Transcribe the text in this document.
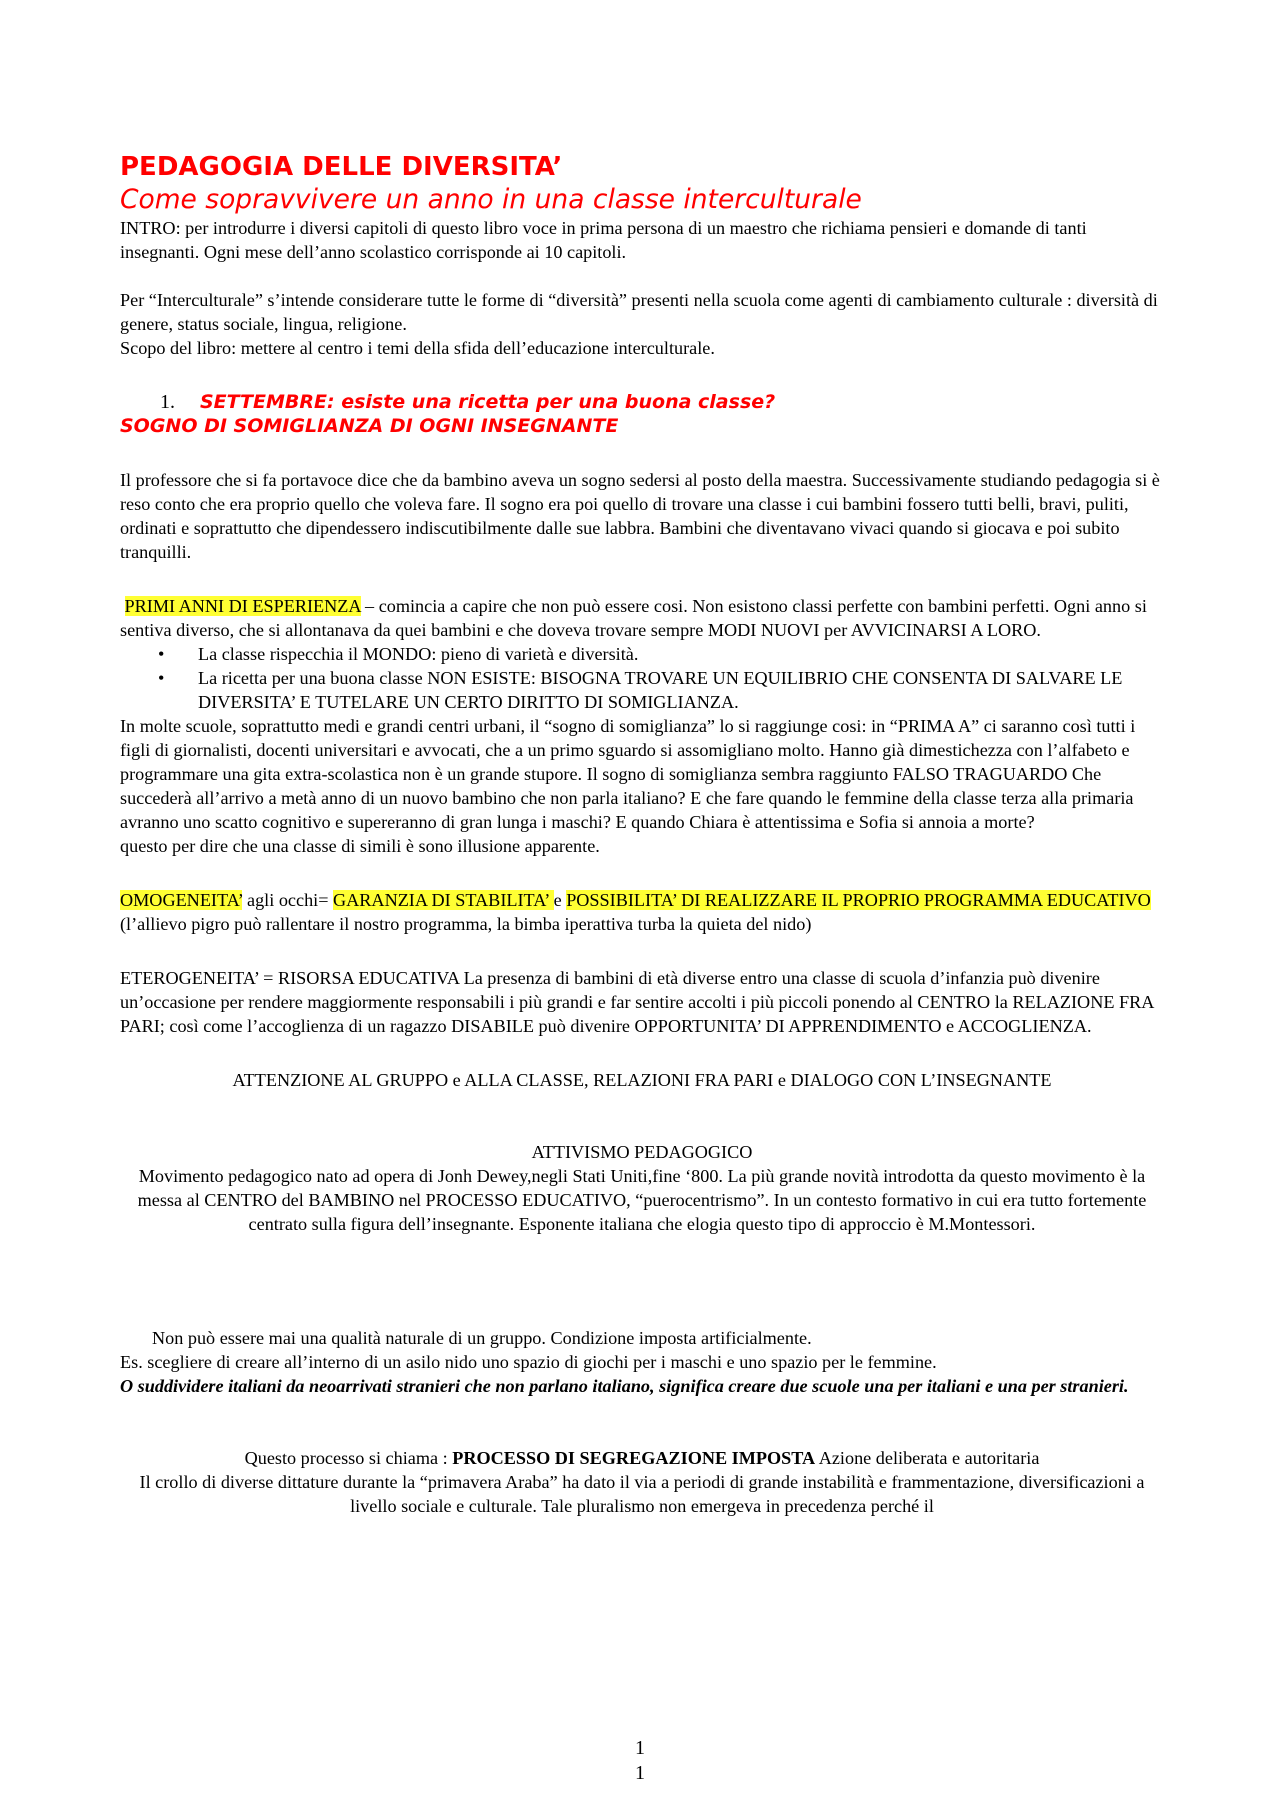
PEDAGOGIA DELLE DIVERSITA’

Come sopravvivere un anno in una classe interculturale

INTRO: per introdurre i diversi capitoli di questo libro voce in prima persona di un maestro che richiama pensieri e domande di tanti insegnanti. Ogni mese dell’anno scolastico corrisponde ai 10 capitoli.

Per “Interculturale” s’intende considerare tutte le forme di “diversità” presenti nella scuola come agenti di cambiamento culturale : diversità di genere, status sociale, lingua, religione.

Scopo del libro: mettere al centro i temi della sfida dell’educazione interculturale.

1.	SETTEMBRE: esiste una ricetta per una buona classe?

SOGNO DI SOMIGLIANZA DI OGNI INSEGNANTE

Il professore che si fa portavoce dice che da bambino aveva un sogno sedersi al posto della maestra. Successivamente studiando pedagogia si è reso conto che era proprio quello che voleva fare. Il sogno era poi quello di trovare una classe i cui bambini fossero tutti belli, bravi, puliti, ordinati e soprattutto che dipendessero indiscutibilmente dalle sue labbra. Bambini che diventavano vivaci quando si giocava e poi subito tranquilli.

PRIMI ANNI DI ESPERIENZA – comincia a capire che non può essere cosi. Non esistono classi perfette con bambini perfetti. Ogni anno si sentiva diverso, che si allontanava da quei bambini e che doveva trovare sempre MODI NUOVI per AVVICINARSI A LORO.

• La classe rispecchia il MONDO: pieno di varietà e diversità.
• La ricetta per una buona classe NON ESISTE: BISOGNA TROVARE UN EQUILIBRIO CHE CONSENTA DI SALVARE LE DIVERSITA’ E TUTELARE UN CERTO DIRITTO DI SOMIGLIANZA.

In molte scuole, soprattutto medi e grandi centri urbani, il “sogno di somiglianza” lo si raggiunge cosi: in “PRIMA A” ci saranno così tutti i figli di giornalisti, docenti universitari e avvocati, che a un primo sguardo si assomigliano molto. Hanno già dimestichezza con l’alfabeto e programmare una gita extra-scolastica non è un grande stupore. Il sogno di somiglianza sembra raggiunto FALSO TRAGUARDO Che succederà all’arrivo a metà anno di un nuovo bambino che non parla italiano? E che fare quando le femmine della classe terza alla primaria avranno uno scatto cognitivo e supereranno di gran lunga i maschi? E quando Chiara è attentissima e Sofia si annoia a morte?

questo per dire che una classe di simili è sono illusione apparente.

OMOGENEITA’ agli occhi= GARANZIA DI STABILITA’ e POSSIBILITA’ DI REALIZZARE IL PROPRIO PROGRAMMA EDUCATIVO

(l’allievo pigro può rallentare il nostro programma, la bimba iperattiva turba la quieta del nido)

ETEROGENEITA’ = RISORSA EDUCATIVA La presenza di bambini di età diverse entro una classe di scuola d’infanzia può divenire un’occasione per rendere maggiormente responsabili i più grandi e far sentire accolti i più piccoli ponendo al CENTRO la RELAZIONE FRA PARI; così come l’accoglienza di un ragazzo DISABILE può divenire OPPORTUNITA’ DI APPRENDIMENTO e ACCOGLIENZA.

ATTENZIONE AL GRUPPO e ALLA CLASSE, RELAZIONI FRA PARI e DIALOGO CON L’INSEGNANTE

ATTIVISMO PEDAGOGICO

Movimento pedagogico nato ad opera di Jonh Dewey,negli Stati Uniti,fine ‘800. La più grande novità introdotta da questo movimento è la messa al CENTRO del BAMBINO nel PROCESSO EDUCATIVO, “puerocentrismo”. In un contesto formativo in cui era tutto fortemente centrato sulla figura dell’insegnante. Esponente italiana che elogia questo tipo di approccio è M.Montessori.

Non può essere mai una qualità naturale di un gruppo. Condizione imposta artificialmente.

Es. scegliere di creare all’interno di un asilo nido uno spazio di giochi per i maschi e uno spazio per le femmine.

O suddividere italiani da neoarrivati stranieri che non parlano italiano, significa creare due scuole una per italiani e una per stranieri.

Questo processo si chiama : PROCESSO DI SEGREGAZIONE IMPOSTA Azione deliberata e autoritaria

Il crollo di diverse dittature durante la “primavera Araba” ha dato il via a periodi di grande instabilità e frammentazione, diversificazioni a livello sociale e culturale. Tale pluralismo non emergeva in precedenza perché il

1
1
